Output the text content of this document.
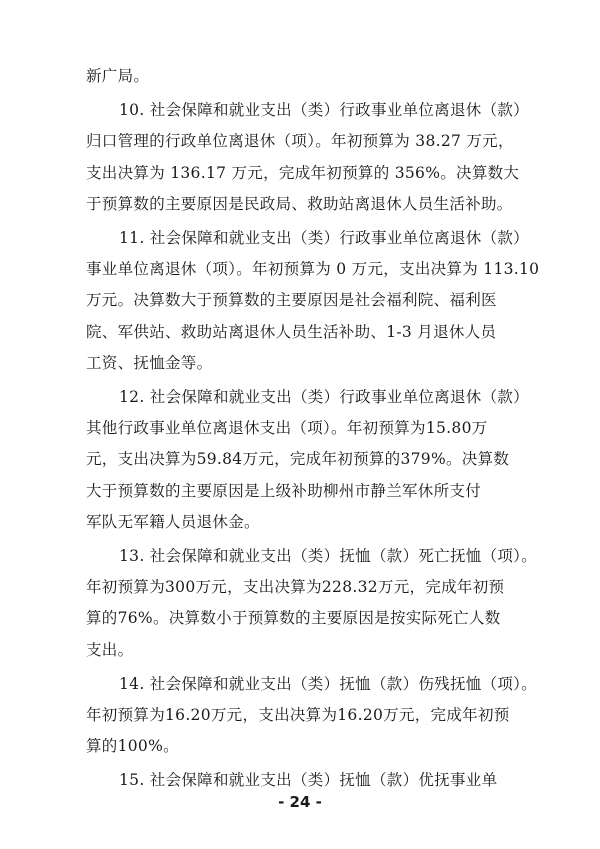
- 24 -
新广局。
10. 社会保障和就业支出（类）行政事业单位离退休（款）
归口管理的行政单位离退休（项）。年初预算为 38.27 万元，
支出决算为 136.17 万元，完成年初预算的 356%。决算数大
于预算数的主要原因是民政局、救助站离退休人员生活补助。
11. 社会保障和就业支出（类）行政事业单位离退休（款）
事业单位离退休（项）。年初预算为 0 万元，支出决算为 113.10
万元。决算数大于预算数的主要原因是社会福利院、福利医
院、军供站、救助站离退休人员生活补助、1-3 月退休人员
工资、抚恤金等。
12. 社会保障和就业支出（类）行政事业单位离退休（款）
其他行政事业单位离退休支出（项）。年初预算为15.80万
元，支出决算为59.84万元，完成年初预算的379%。决算数
大于预算数的主要原因是上级补助柳州市静兰军休所支付
军队无军籍人员退休金。
13. 社会保障和就业支出（类）抚恤（款）死亡抚恤（项）。
年初预算为300万元，支出决算为228.32万元，完成年初预
算的76%。决算数小于预算数的主要原因是按实际死亡人数
支出。
14. 社会保障和就业支出（类）抚恤（款）伤残抚恤（项）。
年初预算为16.20万元，支出决算为16.20万元，完成年初预
算的100%。
15. 社会保障和就业支出（类）抚恤（款）优抚事业单
